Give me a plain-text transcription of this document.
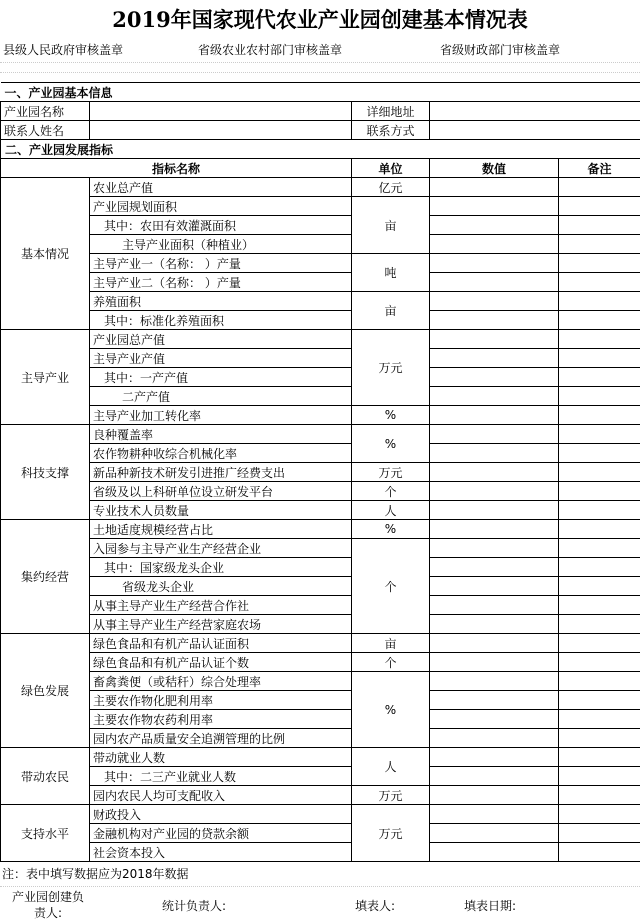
2019年国家现代农业产业园创建基本情况表
县级人民政府审核盖章	省级农业农村部门审核盖章	省级财政部门审核盖章
一、产业园基本信息				
产业园名称		详细地址		
联系人姓名		联系方式		
二、产业园发展指标				
指标名称		单位	数值	备注
基本情况	农业总产值	亿元		
	产业园规划面积	亩		
	其中：农田有效灌溉面积			
	主导产业面积（种植业）			
	主导产业一（名称： ）产量	吨		
	主导产业二（名称： ）产量			
	养殖面积	亩		
	其中：标准化养殖面积			
主导产业	产业园总产值	万元		
	主导产业产值			
	其中：一产产值			
	二产产值			
	主导产业加工转化率	%		
科技支撑	良种覆盖率	%		
	农作物耕种收综合机械化率			
	新品种新技术研发引进推广经费支出	万元		
	省级及以上科研单位设立研发平台	个		
	专业技术人员数量	人		
集约经营	土地适度规模经营占比	%		
	入园参与主导产业生产经营企业	个		
	其中：国家级龙头企业			
	省级龙头企业			
	从事主导产业生产经营合作社			
	从事主导产业生产经营家庭农场			
绿色发展	绿色食品和有机产品认证面积	亩		
	绿色食品和有机产品认证个数	个		
	畜禽粪便（或秸秆）综合处理率	%		
	主要农作物化肥利用率			
	主要农作物农药利用率			
	园内农产品质量安全追溯管理的比例			
带动农民	带动就业人数	人		
	其中：二三产业就业人数			
	园内农民人均可支配收入	万元		
支持水平	财政投入	万元		
	金融机构对产业园的贷款余额			
	社会资本投入			
注：表中填写数据应为2018年数据
产业园创建负责人:	统计负责人:	填表人:	填表日期:
